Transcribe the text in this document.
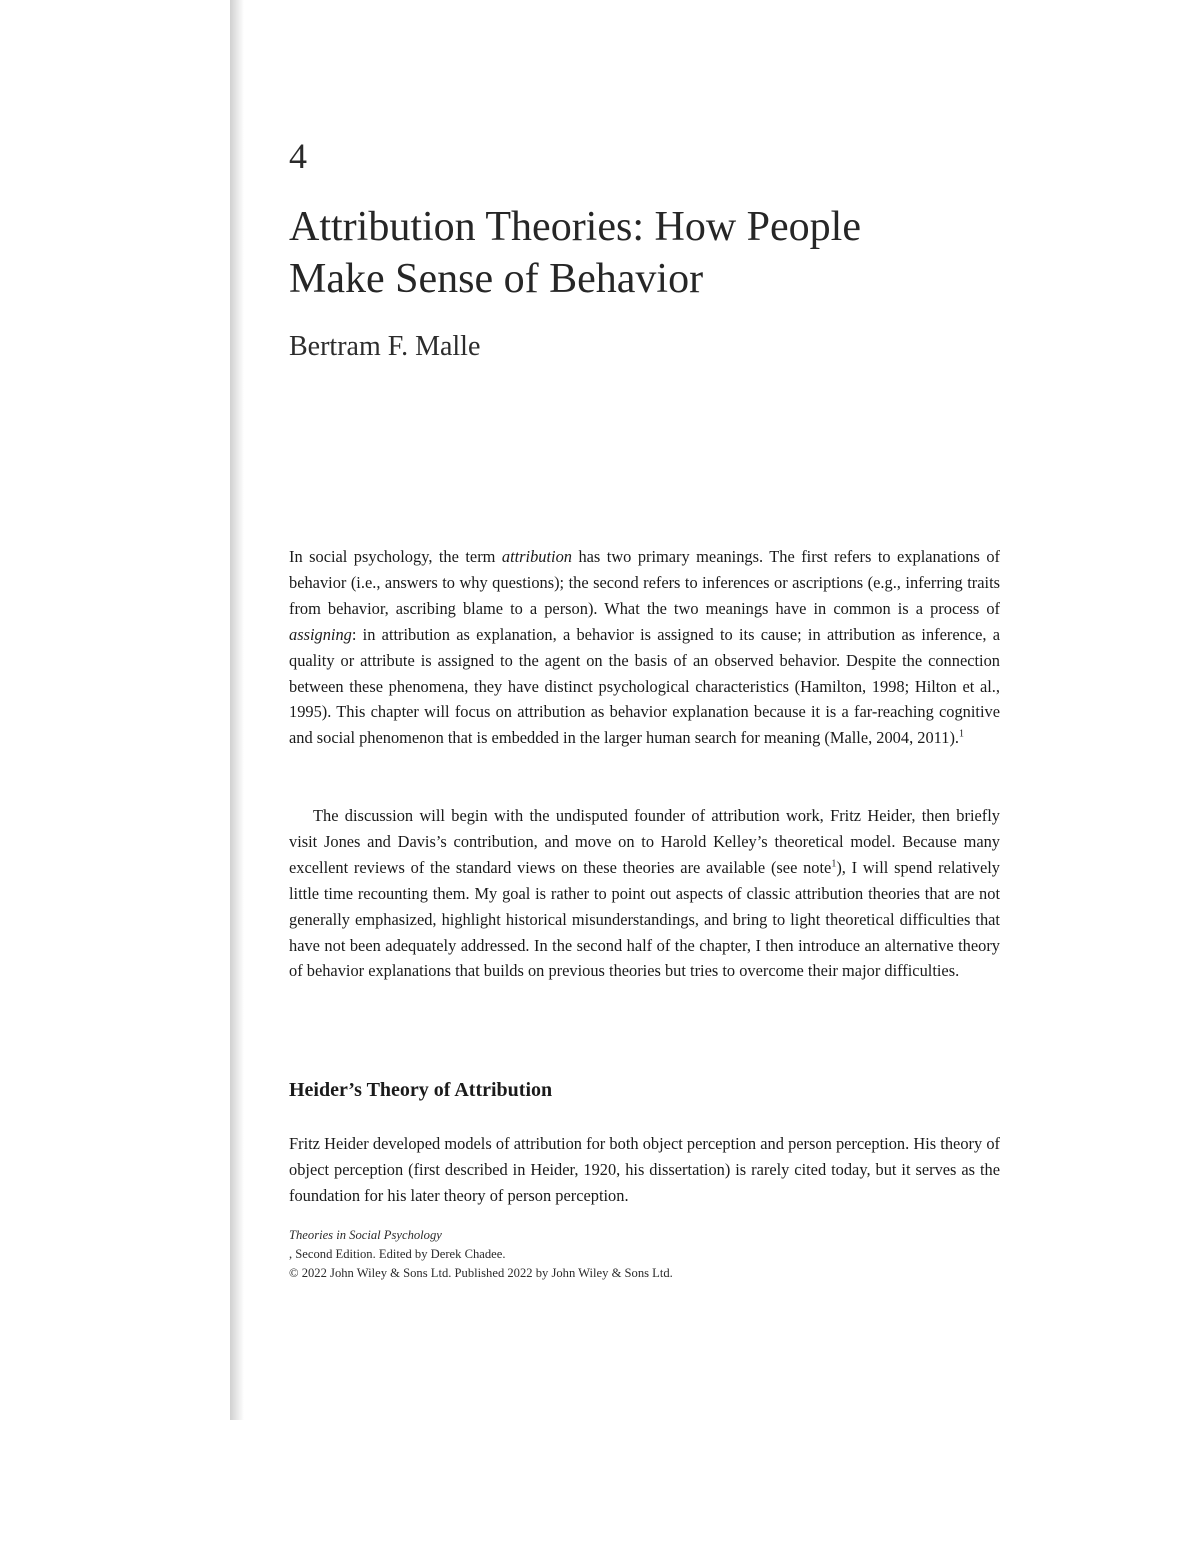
4
Attribution Theories: How People
Make Sense of Behavior

Bertram F. Malle

In social psychology, the term attribution has two primary meanings. The first refers to explanations of behavior (i.e., answers to why questions); the second refers to inferences or ascriptions (e.g., inferring traits from behavior, ascribing blame to a person). What the two meanings have in common is a process of assigning: in attribution as explanation, a behavior is assigned to its cause; in attribution as inference, a quality or attribute is assigned to the agent on the basis of an observed behavior. Despite the connection between these phenomena, they have distinct psychological characteristics (Hamilton, 1998; Hilton et al., 1995). This chapter will focus on attribution as behavior explanation because it is a far-reaching cognitive and social phenomenon that is embedded in the larger human search for meaning (Malle, 2004, 2011).$^1$

The discussion will begin with the undisputed founder of attribution work, Fritz Heider, then briefly visit Jones and Davis’s contribution, and move on to Harold Kelley’s theoretical model. Because many excellent reviews of the standard views on these theories are available (see note$^1$), I will spend relatively little time recounting them. My goal is rather to point out aspects of classic attribution theories that are not generally emphasized, highlight historical misunderstandings, and bring to light theoretical difficulties that have not been adequately addressed. In the second half of the chapter, I then introduce an alternative theory of behavior explanations that builds on previous theories but tries to overcome their major difficulties.

Heider’s Theory of Attribution

Fritz Heider developed models of attribution for both object perception and person perception. His theory of object perception (first described in Heider, 1920, his dissertation) is rarely cited today, but it serves as the foundation for his later theory of person perception.

Theories in Social Psychology
, Second Edition. Edited by Derek Chadee.
© 2022 John Wiley & Sons Ltd. Published 2022 by John Wiley & Sons Ltd.
